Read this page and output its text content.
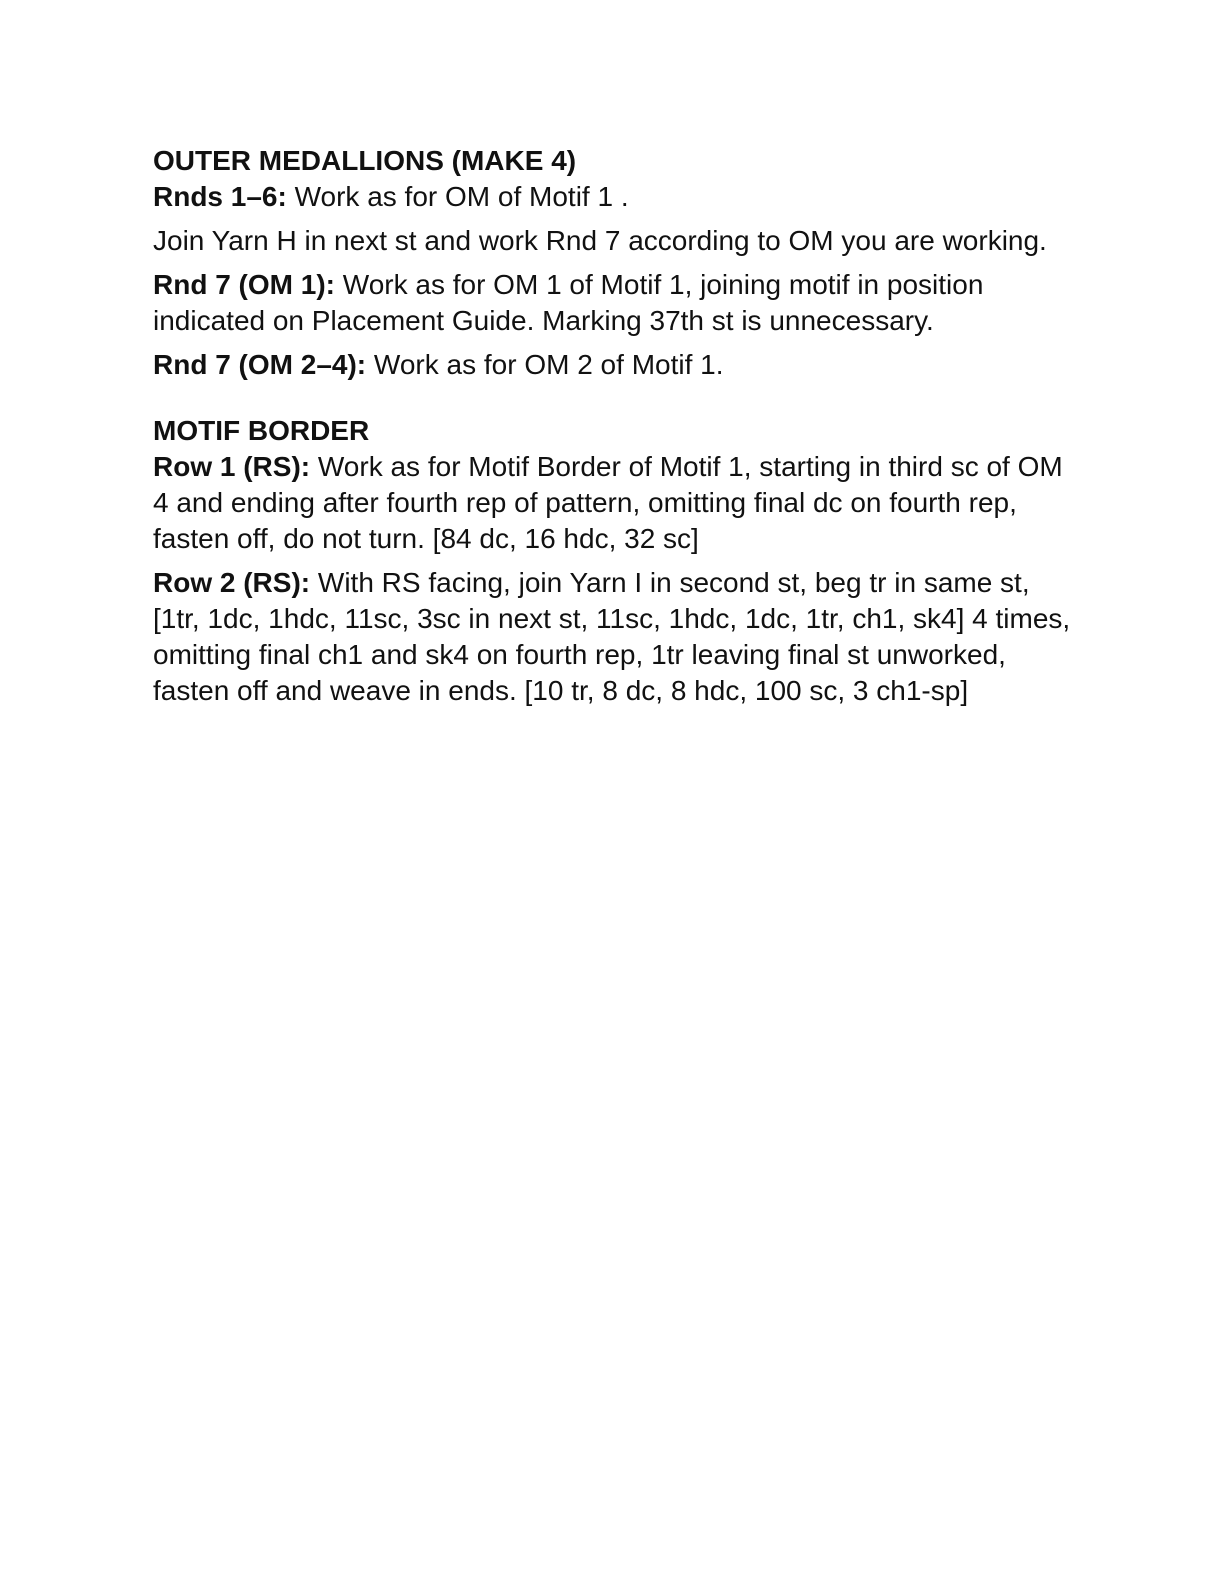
OUTER MEDALLIONS (MAKE 4)

Rnds 1–6: Work as for OM of Motif 1 .

Join Yarn H in next st and work Rnd 7 according to OM you are working.

Rnd 7 (OM 1): Work as for OM 1 of Motif 1, joining motif in position indicated on Placement Guide. Marking 37th st is unnecessary.

Rnd 7 (OM 2–4): Work as for OM 2 of Motif 1.

MOTIF BORDER

Row 1 (RS): Work as for Motif Border of Motif 1, starting in third sc of OM 4 and ending after fourth rep of pattern, omitting final dc on fourth rep, fasten off, do not turn. [84 dc, 16 hdc, 32 sc]

Row 2 (RS): With RS facing, join Yarn I in second st, beg tr in same st, [1tr, 1dc, 1hdc, 11sc, 3sc in next st, 11sc, 1hdc, 1dc, 1tr, ch1, sk4] 4 times, omitting final ch1 and sk4 on fourth rep, 1tr leaving final st unworked, fasten off and weave in ends. [10 tr, 8 dc, 8 hdc, 100 sc, 3 ch1-sp]
